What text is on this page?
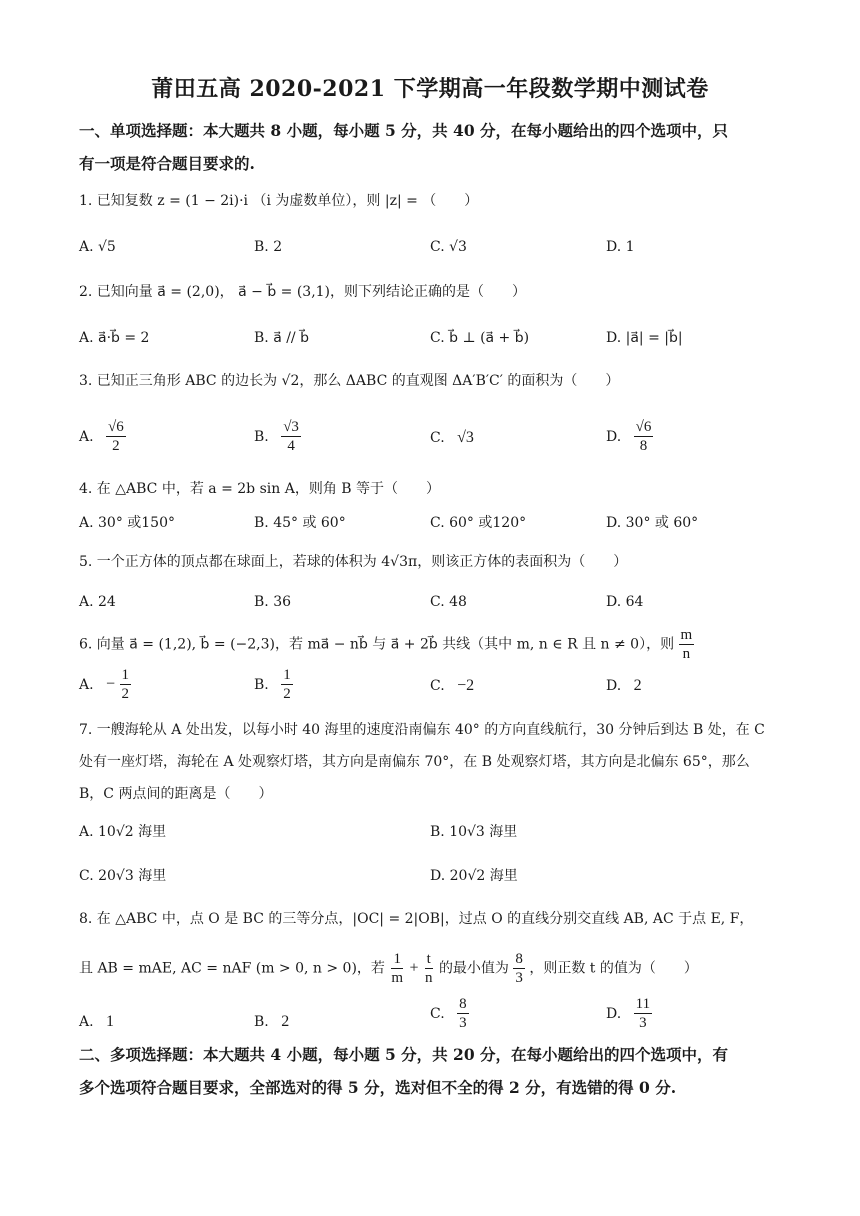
莆田五高 2020-2021 下学期高一年段数学期中测试卷
一、单项选择题：本大题共 8 小题，每小题 5 分，共 40 分，在每小题给出的四个选项中，只
有一项是符合题目要求的.
1. 已知复数 z = (1 − 2i)·i （i 为虚数单位），则 |z| = （　　）
A. √5	B. 2	C. √3	D. 1
2. 已知向量 a⃗ = (2,0)， a⃗ − b⃗ = (3,1)，则下列结论正确的是（　　）
A. a⃗·b⃗ = 2	B. a⃗ // b⃗	C. b⃗ ⊥ (a⃗ + b⃗)	D. |a⃗| = |b⃗|
3. 已知正三角形 ABC 的边长为 √2，那么 ΔABC 的直观图 ΔA′B′C′ 的面积为（　　）
A. $\frac{√6}{2}$	B. $\frac{√3}{4}$	C. √3	D. $\frac{√6}{8}$
4. 在 △ABC 中，若 a = 2b sin A，则角 B 等于（　　）
A. 30° 或150°	B. 45° 或 60°	C. 60° 或120°	D. 30° 或 60°
5. 一个正方体的顶点都在球面上，若球的体积为 4√3π，则该正方体的表面积为（　　）
A. 24	B. 36	C. 48	D. 64
6. 向量 a⃗ = (1,2), b⃗ = (−2,3)，若 ma⃗ − nb⃗ 与 a⃗ + 2b⃗ 共线（其中 m, n ∈ R 且 n ≠ 0），则 $\frac{m}{n}$
A. − $\frac{1}{2}$	B. $\frac{1}{2}$	C. −2	D. 2
7. 一艘海轮从 A 处出发，以每小时 40 海里的速度沿南偏东 40° 的方向直线航行，30 分钟后到达 B 处，在 C
处有一座灯塔，海轮在 A 处观察灯塔，其方向是南偏东 70°，在 B 处观察灯塔，其方向是北偏东 65°，那么
B，C 两点间的距离是（　　）
A. 10√2 海里	B. 10√3 海里
C. 20√3 海里	D. 20√2 海里
8. 在 △ABC 中，点 O 是 BC 的三等分点，|OC| = 2|OB|，过点 O 的直线分别交直线 AB, AC 于点 E, F，
且 AB = mAE, AC = nAF (m > 0, n > 0)，若 $\frac{1}{m} + \frac{t}{n}$ 的最小值为 $\frac{8}{3}$ ，则正数 t 的值为（　　）
A. 1	B. 2	C. $\frac{8}{3}$	D. $\frac{11}{3}$
二、多项选择题：本大题共 4 小题，每小题 5 分，共 20 分，在每小题给出的四个选项中，有
多个选项符合题目要求，全部选对的得 5 分，选对但不全的得 2 分，有选错的得 0 分.
